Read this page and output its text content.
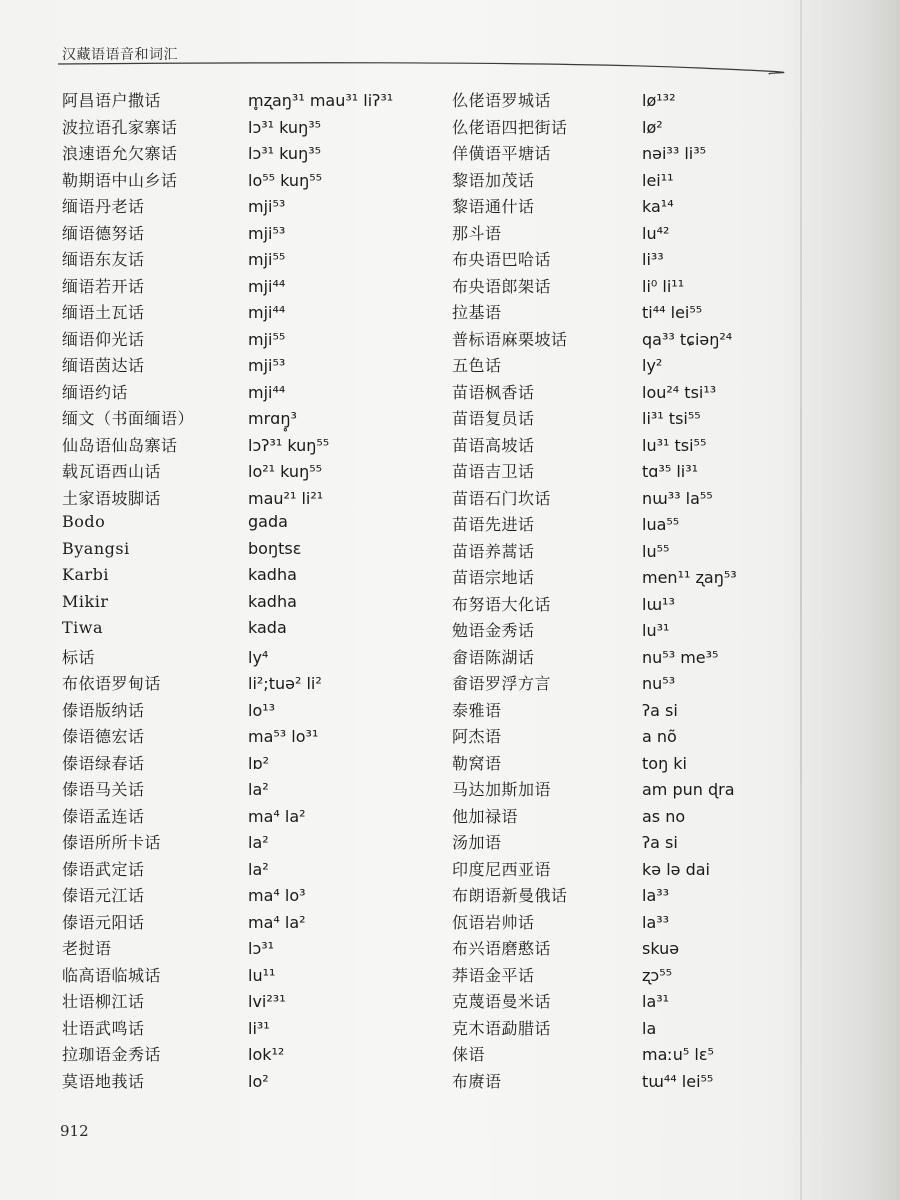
汉藏语语音和词汇
阿昌语户撒话	m̥ʐaŋ³¹ mau³¹ liʔ³¹
波拉语孔家寨话	lɔ³¹ kuŋ³⁵
浪速语允欠寨话	lɔ³¹ kuŋ³⁵
勒期语中山乡话	lo⁵⁵ kuŋ⁵⁵
缅语丹老话	mji⁵³
缅语德努话	mji⁵³
缅语东友话	mji⁵⁵
缅语若开话	mji⁴⁴
缅语土瓦话	mji⁴⁴
缅语仰光话	mji⁵⁵
缅语茵达话	mji⁵³
缅语约话	mji⁴⁴
缅文（书面缅语）	mrɑŋ̥³
仙岛语仙岛寨话	lɔʔ³¹ kuŋ⁵⁵
载瓦语西山话	lo²¹ kuŋ⁵⁵
土家语坡脚话	mau²¹ li²¹
Bodo	gada
Byangsi	boŋtsɛ
Karbi	kadha
Mikir	kadha
Tiwa	kada
标话	ly⁴
布依语罗甸话	li²;tuə² li²
傣语版纳话	lo¹³
傣语德宏话	ma⁵³ lo³¹
傣语绿春话	lɒ²
傣语马关话	la²
傣语孟连话	ma⁴ la²
傣语所所卡话	la²
傣语武定话	la²
傣语元江话	ma⁴ lo³
傣语元阳话	ma⁴ la²
老挝语	lɔ³¹
临高语临城话	lu¹¹
壮语柳江话	lvi²³¹
壮语武鸣话	li³¹
拉珈语金秀话	lok¹²
莫语地莪话	lo²
仫佬语罗城话	lø¹³²
仫佬语四把街话	lø²
佯僙语平塘话	nəi³³ li³⁵
黎语加茂话	lei¹¹
黎语通什话	ka¹⁴
那斗语	lu⁴²
布央语巴哈话	li³³
布央语郎架话	li⁰ li¹¹
拉基语	ti⁴⁴ lei⁵⁵
普标语麻栗坡话	qa³³ tɕiəŋ²⁴
五色话	ly²
苗语枫香话	lou²⁴ tsi¹³
苗语复员话	li³¹ tsi⁵⁵
苗语高坡话	lu³¹ tsi⁵⁵
苗语吉卫话	tɑ³⁵ li³¹
苗语石门坎话	nɯ³³ la⁵⁵
苗语先进话	lua⁵⁵
苗语养蒿话	lu⁵⁵
苗语宗地话	men¹¹ ʐaŋ⁵³
布努语大化话	lɯ¹³
勉语金秀话	lu³¹
畲语陈湖话	nu⁵³ me³⁵
畲语罗浮方言	nu⁵³
泰雅语	ʔa si
阿杰语	a nõ
勒窝语	toŋ ki
马达加斯加语	am pun ɖra
他加禄语	as no
汤加语	ʔa si
印度尼西亚语	kə lə dai
布朗语新曼俄话	la³³
佤语岩帅话	la³³
布兴语磨憨话	skuə
莽语金平话	ʐɔ⁵⁵
克蔑语曼米话	la³¹
克木语勐腊话	la
俫语	maːu⁵ lɛ⁵
布赓语	tɯ⁴⁴ lei⁵⁵
912
